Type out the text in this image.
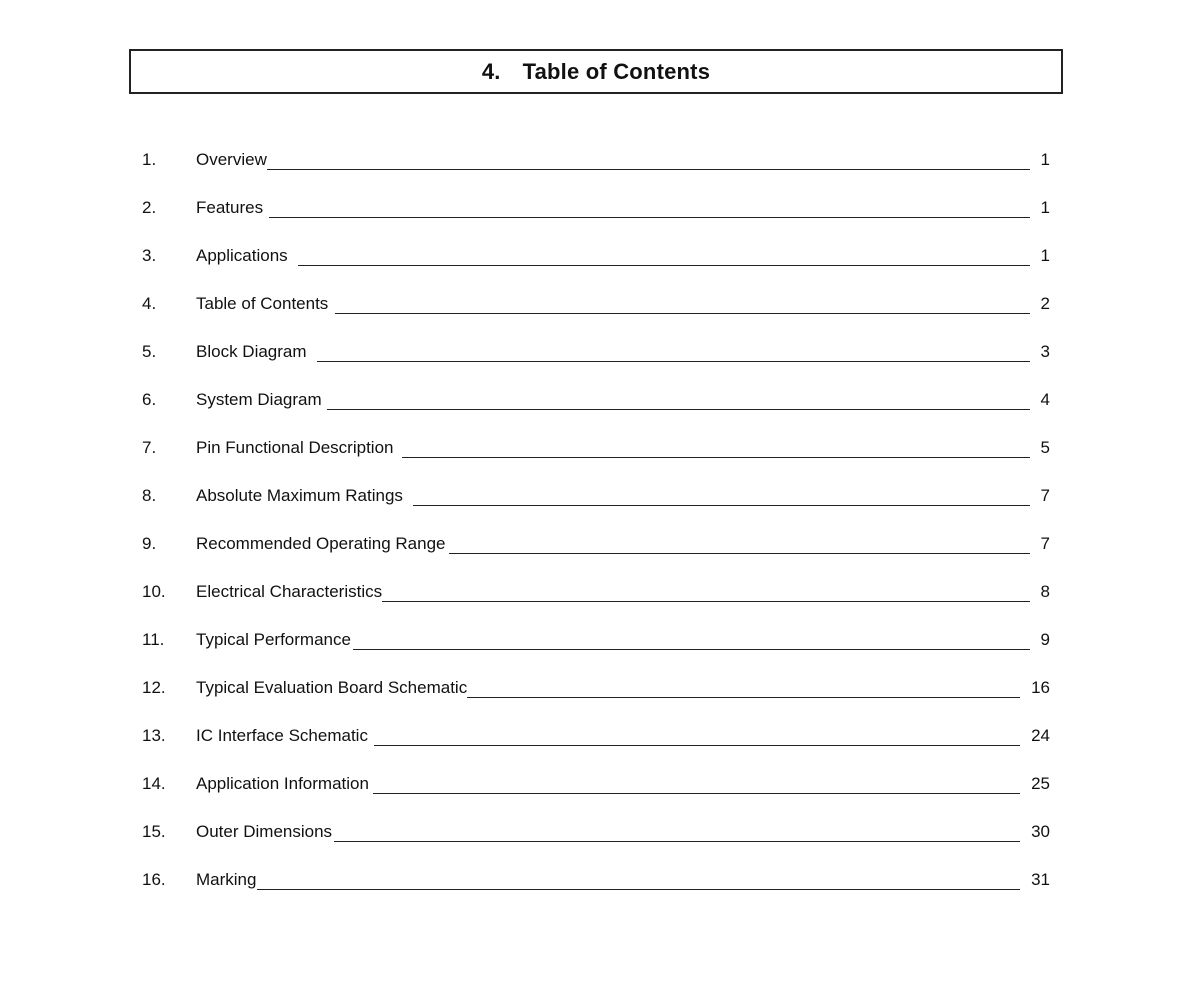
4. Table of Contents
1. Overview	1
2. Features	1
3. Applications	1
4. Table of Contents	2
5. Block Diagram	3
6. System Diagram	4
7. Pin Functional Description	5
8. Absolute Maximum Ratings	7
9. Recommended Operating Range	7
10. Electrical Characteristics	8
11. Typical Performance	9
12. Typical Evaluation Board Schematic	16
13. IC Interface Schematic	24
14. Application Information	25
15. Outer Dimensions	30
16. Marking	31
